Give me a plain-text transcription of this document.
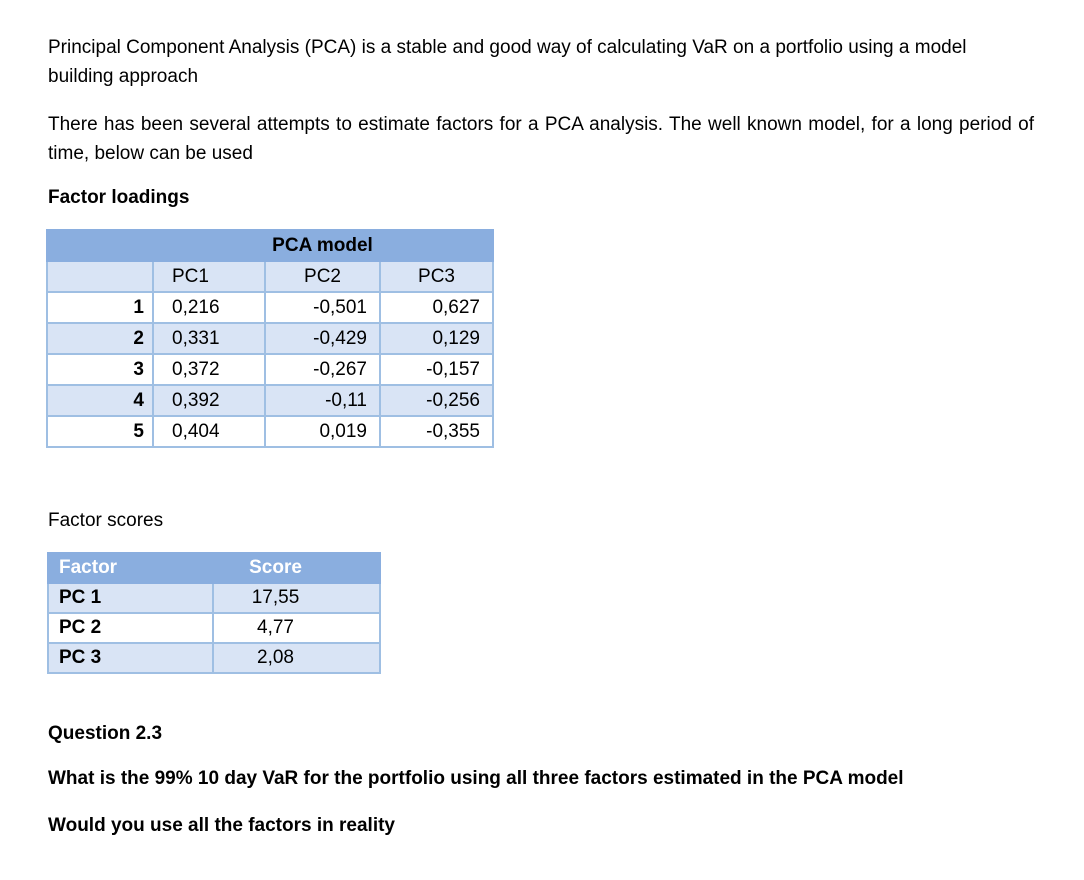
Principal Component Analysis (PCA) is a stable and good way of calculating VaR on a portfolio using a model building approach
There has been several attempts to estimate factors for a PCA analysis. The well known model, for a long period of time, below can be used
Factor loadings
		PCA model	
	PC1	PC2	PC3
1	0,216	-0,501	0,627
2	0,331	-0,429	0,129
3	0,372	-0,267	-0,157
4	0,392	-0,11	-0,256
5	0,404	0,019	-0,355
Factor scores
Factor	Score
PC 1	17,55
PC 2	4,77
PC 3	2,08
Question 2.3
What is the 99% 10 day VaR for the portfolio using all three factors estimated in the PCA model
Would you use all the factors in reality
